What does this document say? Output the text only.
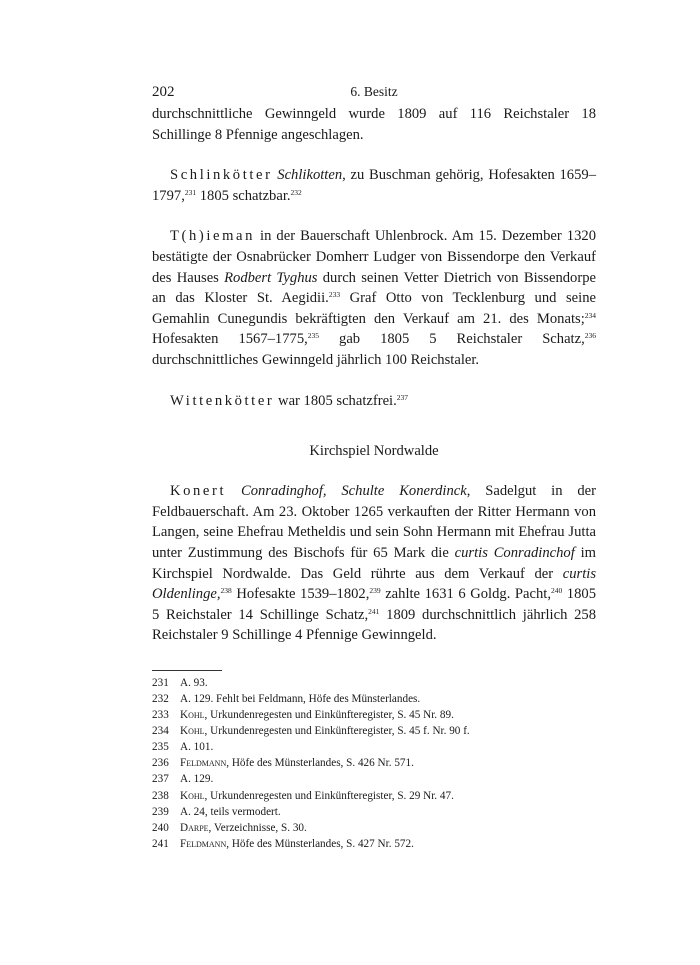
202	6. Besitz

durchschnittliche Gewinngeld wurde 1809 auf 116 Reichstaler 18 Schillinge 8 Pfennige angeschlagen.

Schlinkötter Schlikotten, zu Buschman gehörig, Hofesakten 1659–1797,$^{231}$ 1805 schatzbar.$^{232}$

T(h)ieman in der Bauerschaft Uhlenbrock. Am 15. Dezember 1320 bestätigte der Osnabrücker Domherr Ludger von Bissendorpe den Verkauf des Hauses Rodbert Tyghus durch seinen Vetter Dietrich von Bissendorpe an das Kloster St. Aegidii.$^{233}$ Graf Otto von Tecklenburg und seine Gemahlin Cunegundis bekräftigten den Verkauf am 21. des Monats;$^{234}$ Hofesakten 1567–1775,$^{235}$ gab 1805 5 Reichstaler Schatz,$^{236}$ durchschnittliches Gewinngeld jährlich 100 Reichstaler.

Wittenkötter war 1805 schatzfrei.$^{237}$

Kirchspiel Nordwalde

Konert Conradinghof, Schulte Konerdinck, Sadelgut in der Feldbauerschaft. Am 23. Oktober 1265 verkauften der Ritter Hermann von Langen, seine Ehefrau Metheldis und sein Sohn Hermann mit Ehefrau Jutta unter Zustimmung des Bischofs für 65 Mark die curtis Conradinchof im Kirchspiel Nordwalde. Das Geld rührte aus dem Verkauf der curtis Oldenlinge,$^{238}$ Hofesakte 1539–1802,$^{239}$ zahlte 1631 6 Goldg. Pacht,$^{240}$ 1805 5 Reichstaler 14 Schillinge Schatz,$^{241}$ 1809 durchschnittlich jährlich 258 Reichstaler 9 Schillinge 4 Pfennige Gewinngeld.

231	A. 93.
232	A. 129. Fehlt bei Feldmann, Höfe des Münsterlandes.
233	Kohl, Urkundenregesten und Einkünfteregister, S. 45 Nr. 89.
234	Kohl, Urkundenregesten und Einkünfteregister, S. 45 f. Nr. 90 f.
235	A. 101.
236	Feldmann, Höfe des Münsterlandes, S. 426 Nr. 571.
237	A. 129.
238	Kohl, Urkundenregesten und Einkünfteregister, S. 29 Nr. 47.
239	A. 24, teils vermodert.
240	Darpe, Verzeichnisse, S. 30.
241	Feldmann, Höfe des Münsterlandes, S. 427 Nr. 572.
